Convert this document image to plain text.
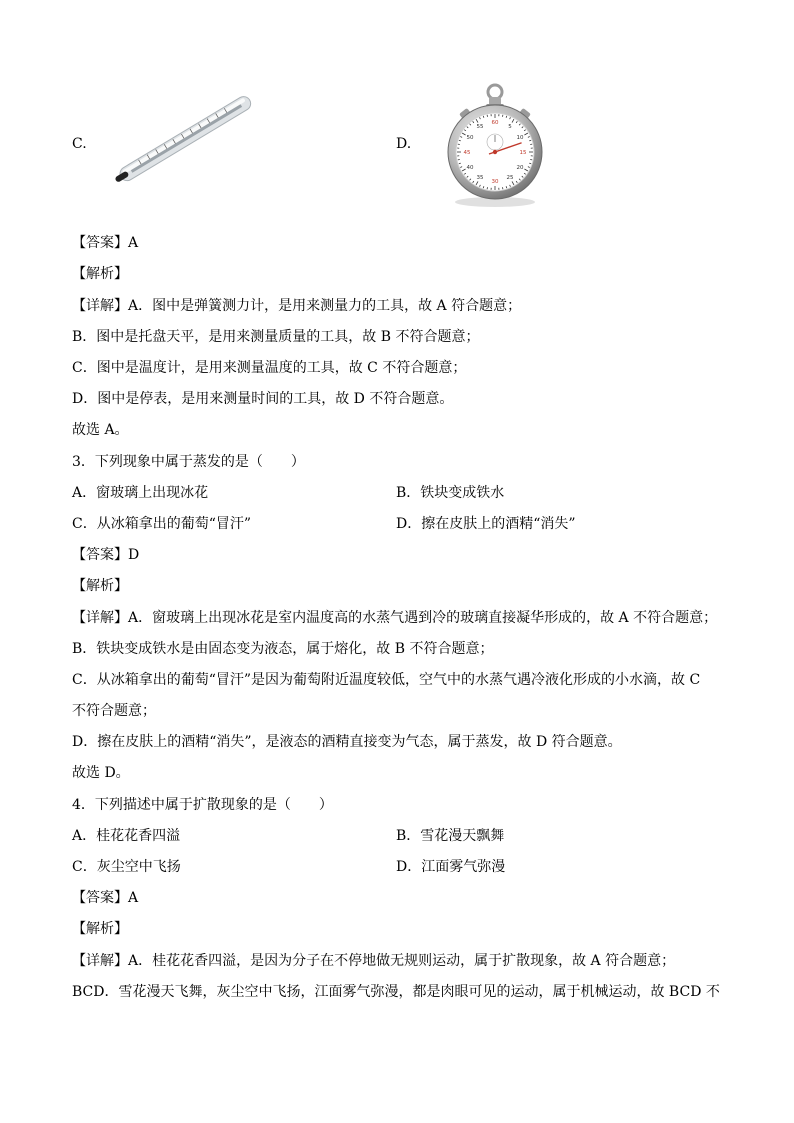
C.	D.
60
5
10
15
20
25
30
35
40
45
50
55
【答案】A
【解析】
【详解】A．图中是弹簧测力计，是用来测量力的工具，故 A 符合题意；
B．图中是托盘天平，是用来测量质量的工具，故 B 不符合题意；
C．图中是温度计，是用来测量温度的工具，故 C 不符合题意；
D．图中是停表，是用来测量时间的工具，故 D 不符合题意。
故选 A。
3．下列现象中属于蒸发的是（　　）
A．窗玻璃上出现冰花	B．铁块变成铁水
C．从冰箱拿出的葡萄“冒汗”	D．擦在皮肤上的酒精“消失”
【答案】D
【解析】
【详解】A．窗玻璃上出现冰花是室内温度高的水蒸气遇到冷的玻璃直接凝华形成的，故 A 不符合题意；
B．铁块变成铁水是由固态变为液态，属于熔化，故 B 不符合题意；
C．从冰箱拿出的葡萄“冒汗”是因为葡萄附近温度较低，空气中的水蒸气遇冷液化形成的小水滴，故 C
不符合题意；
D．擦在皮肤上的酒精“消失”，是液态的酒精直接变为气态，属于蒸发，故 D 符合题意。
故选 D。
4．下列描述中属于扩散现象的是（　　）
A．桂花花香四溢	B．雪花漫天飘舞
C．灰尘空中飞扬	D．江面雾气弥漫
【答案】A
【解析】
【详解】A．桂花花香四溢，是因为分子在不停地做无规则运动，属于扩散现象，故 A 符合题意；
BCD．雪花漫天飞舞，灰尘空中飞扬，江面雾气弥漫，都是肉眼可见的运动，属于机械运动，故 BCD 不
